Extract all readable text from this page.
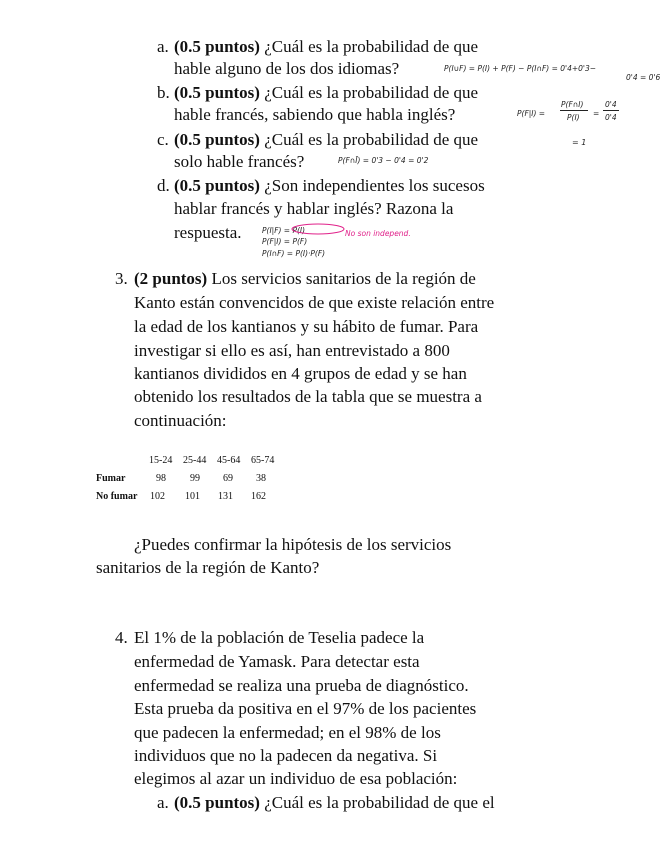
a. (0.5 puntos) ¿Cuál es la probabilidad de que
hable alguno de los dos idiomas?	P(I∪F) = P(I) + P(F) − P(I∩F) = 0'4+0'3−
0'4 = 0'6
b. (0.5 puntos) ¿Cuál es la probabilidad de que
hable francés, sabiendo que habla inglés?	P(F|I) =
P(F∩I)
P(I) =
0'4
0'4
= 1
c. (0.5 puntos) ¿Cuál es la probabilidad de que
solo hable francés?	P(F∩Ī) = 0'3 − 0'4 = 0'2
d. (0.5 puntos) ¿Son independientes los sucesos
hablar francés y hablar inglés? Razona la
respuesta.	P(I|F) = P(I)
P(F|I) = P(F)
P(I∩F) = P(I)·P(F)
No son independ.
3. (2 puntos) Los servicios sanitarios de la región de
Kanto están convencidos de que existe relación entre
la edad de los kantianos y su hábito de fumar. Para
investigar si ello es así, han entrevistado a 800
kantianos divididos en 4 grupos de edad y se han
obtenido los resultados de la tabla que se muestra a
continuación:
15-24 25-44 45-64 65-74
Fumar	98 99 69 38
No fumar 102 101 131 162
¿Puedes confirmar la hipótesis de los servicios
sanitarios de la región de Kanto?
4. El 1% de la población de Teselia padece la
enfermedad de Yamask. Para detectar esta
enfermedad se realiza una prueba de diagnóstico.
Esta prueba da positiva en el 97% de los pacientes
que padecen la enfermedad; en el 98% de los
individuos que no la padecen da negativa. Si
elegimos al azar un individuo de esa población:
a. (0.5 puntos) ¿Cuál es la probabilidad de que el
